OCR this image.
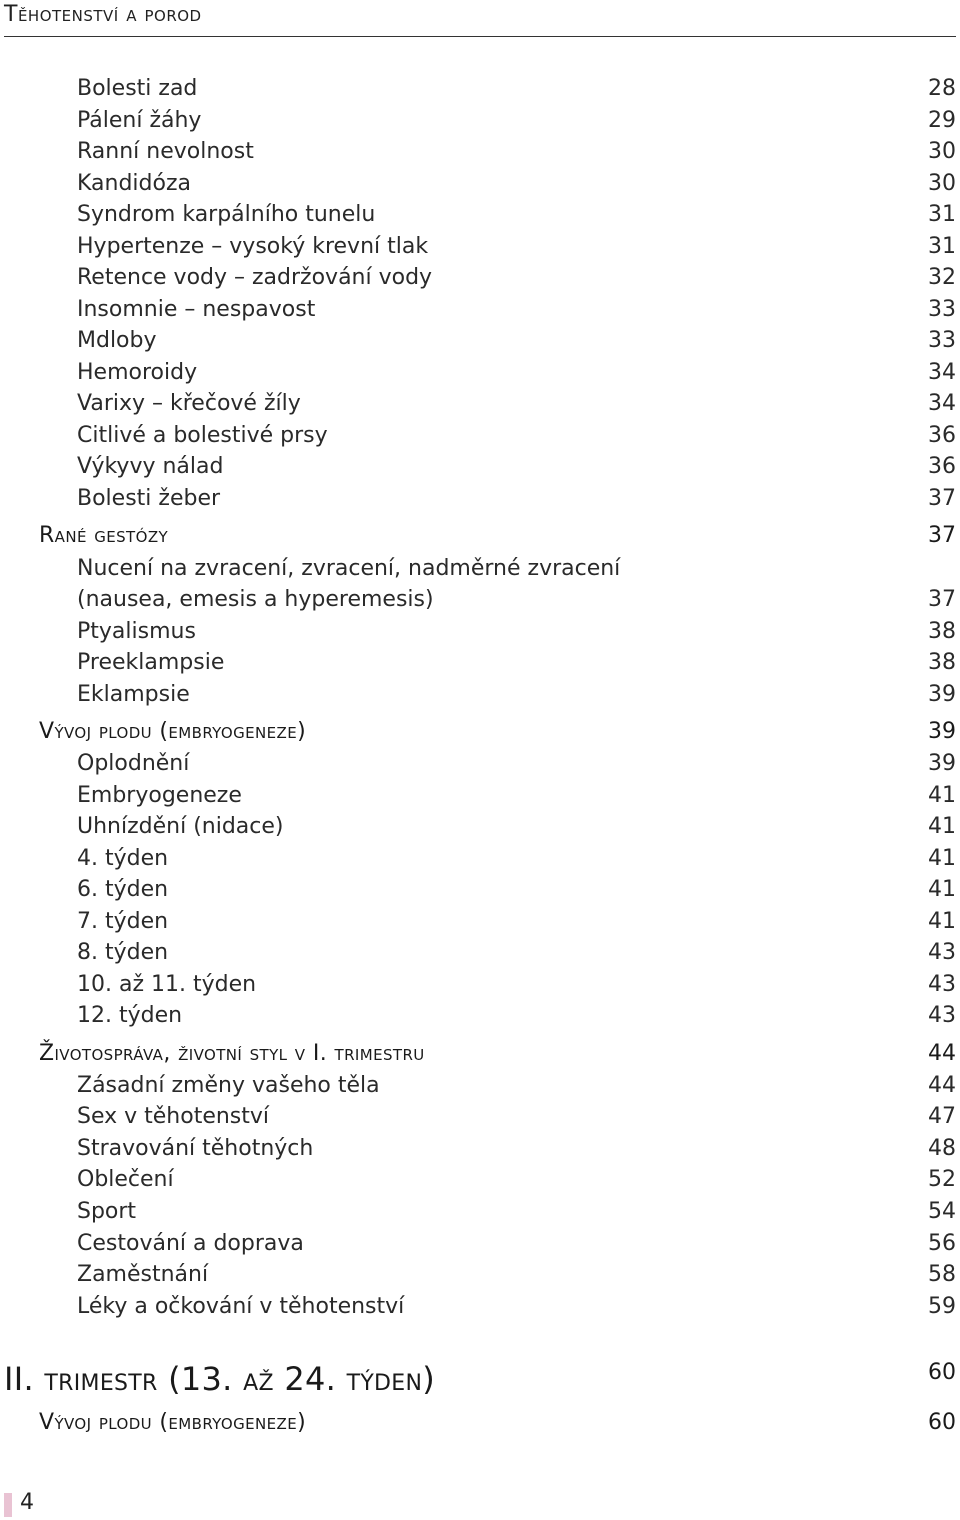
Těhotenství a porod
Bolesti zad	28
Pálení žáhy	29
Ranní nevolnost	30
Kandidóza	30
Syndrom karpálního tunelu	31
Hypertenze – vysoký krevní tlak	31
Retence vody – zadržování vody	32
Insomnie – nespavost	33
Mdloby	33
Hemoroidy	34
Varixy – křečové žíly	34
Citlivé a bolestivé prsy	36
Výkyvy nálad	36
Bolesti žeber	37
Rané gestózy	37
Nucení na zvracení, zvracení, nadměrné zvracení
(nausea, emesis a hyperemesis)	37
Ptyalismus	38
Preeklampsie	38
Eklampsie	39
Vývoj plodu (embryogeneze)	39
Oplodnění	39
Embryogeneze	41
Uhnízdění (nidace)	41
4. týden	41
6. týden	41
7. týden	41
8. týden	43
10. až 11. týden	43
12. týden	43
Životospráva, životní styl v I. trimestru	44
Zásadní změny vašeho těla	44
Sex v těhotenství	47
Stravování těhotných	48
Oblečení	52
Sport	54
Cestování a doprava	56
Zaměstnání	58
Léky a očkování v těhotenství	59
II. trimestr (13. až 24. týden)	60
Vývoj plodu (embryogeneze)	60
4
